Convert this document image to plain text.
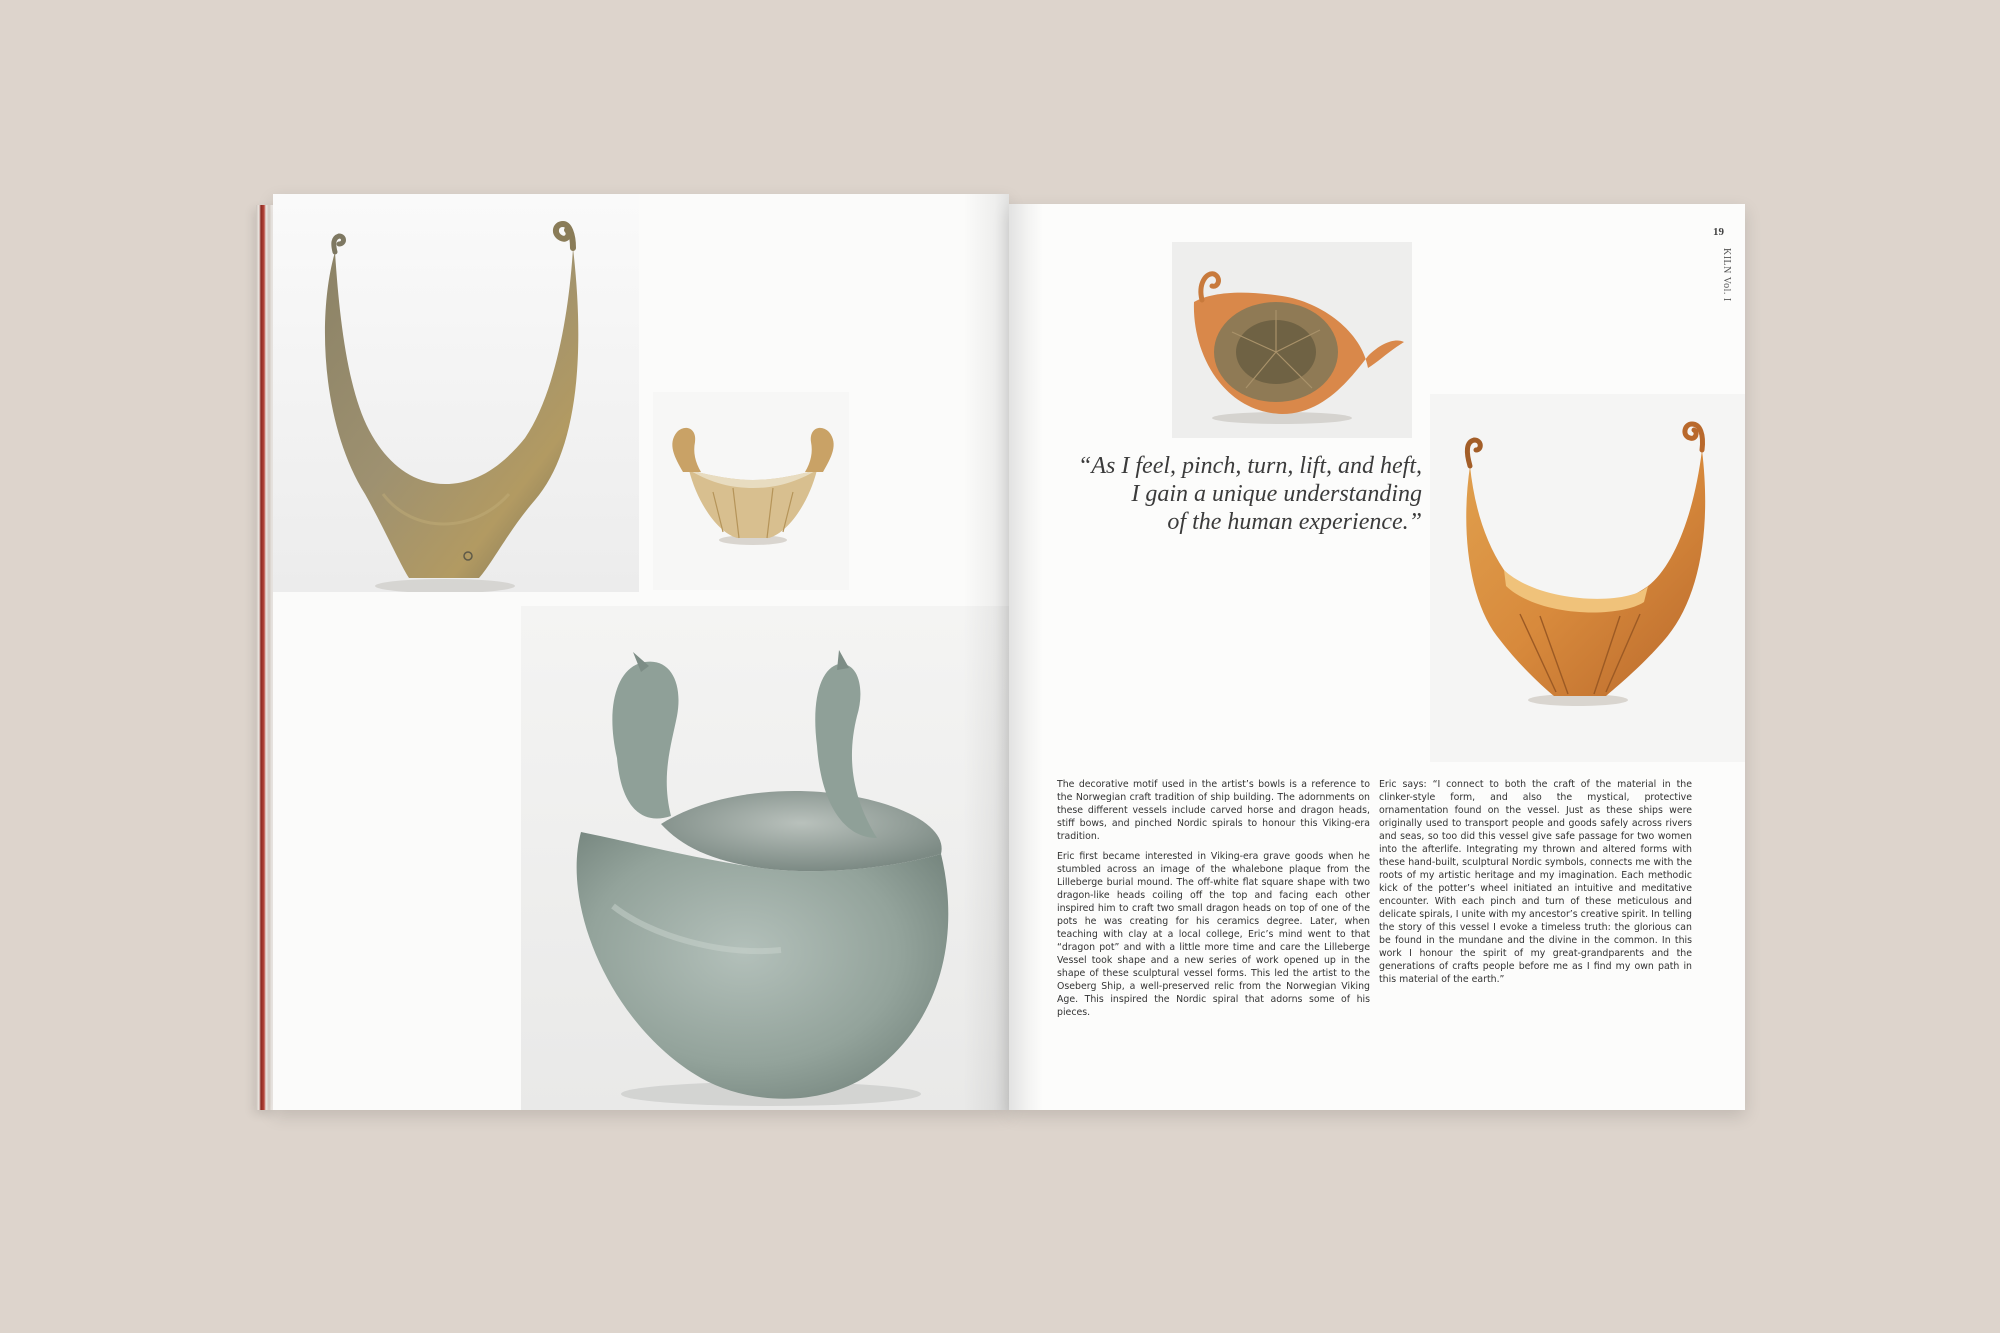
19
KILN Vol. I
“As I feel, pinch, turn, lift, and heft,
I gain a unique understanding
of the human experience.”

The decorative motif used in the artist’s bowls is a reference to the Norwegian craft tradition of ship building. The adornments on these different vessels include carved horse and dragon heads, stiff bows, and pinched Nordic spirals to honour this Viking-era tradition.

Eric first became interested in Viking-era grave goods when he stumbled across an image of the whalebone plaque from the Lilleberge burial mound. The off-white flat square shape with two dragon-like heads coiling off the top and facing each other inspired him to craft two small dragon heads on top of one of the pots he was creating for his ceramics degree. Later, when teaching with clay at a local college, Eric’s mind went to that “dragon pot” and with a little more time and care the Lilleberge Vessel took shape and a new series of work opened up in the shape of these sculptural vessel forms. This led the artist to the Oseberg Ship, a well-preserved relic from the Norwegian Viking Age. This inspired the Nordic spiral that adorns some of his pieces.

Eric says: “I connect to both the craft of the material in the clinker-style form, and also the mystical, protective ornamentation found on the vessel. Just as these ships were originally used to transport people and goods safely across rivers and seas, so too did this vessel give safe passage for two women into the afterlife. Integrating my thrown and altered forms with these hand-built, sculptural Nordic symbols, connects me with the roots of my artistic heritage and my imagination. Each methodic kick of the potter’s wheel initiated an intuitive and meditative encounter. With each pinch and turn of these meticulous and delicate spirals, I unite with my ancestor’s creative spirit. In telling the story of this vessel I evoke a timeless truth: the glorious can be found in the mundane and the divine in the common. In this work I honour the spirit of my great-grandparents and the generations of crafts people before me as I find my own path in this material of the earth.”
